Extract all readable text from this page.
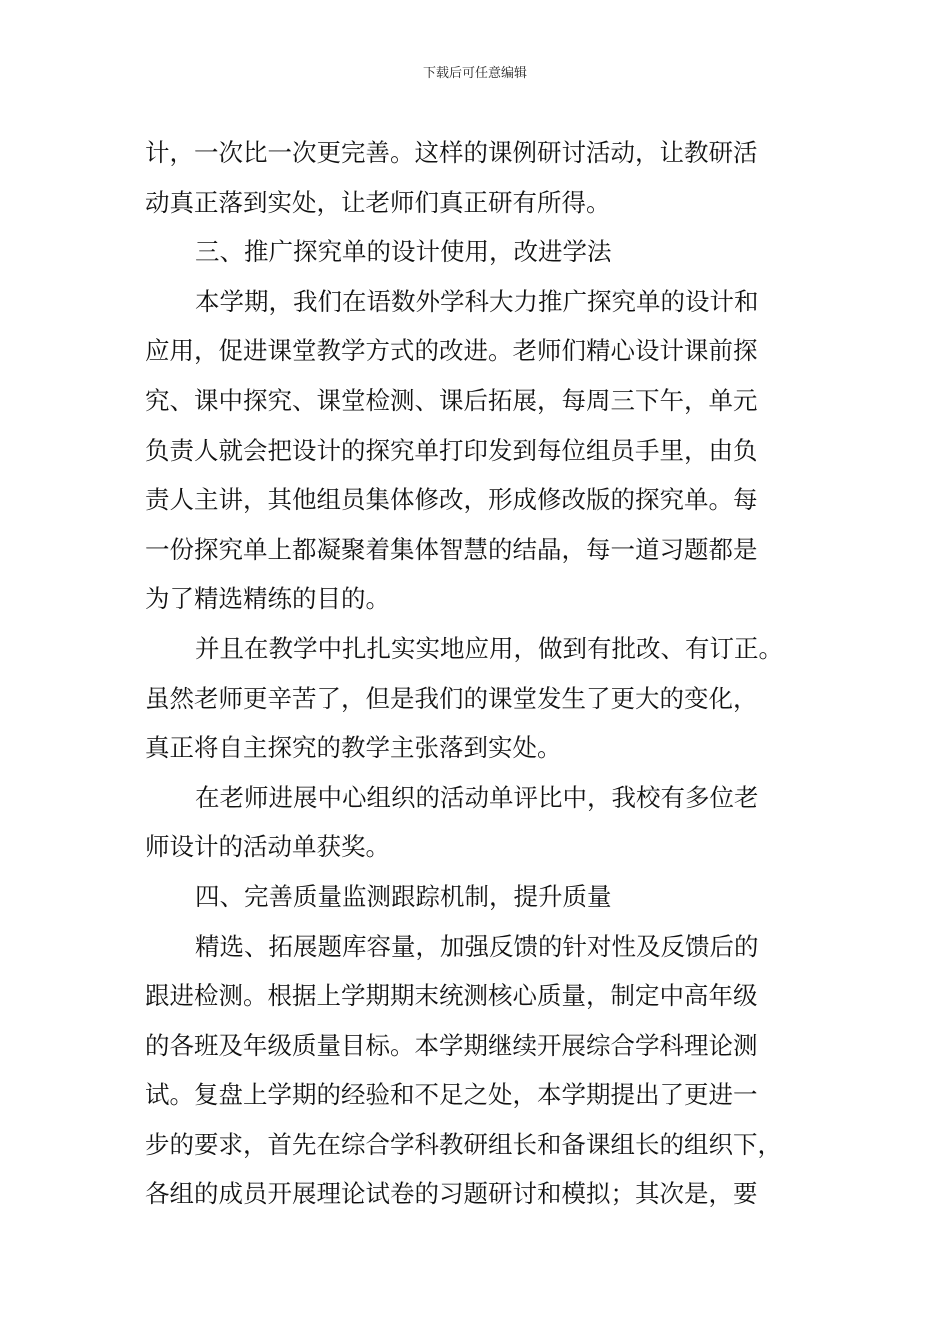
下载后可任意编辑
计，一次比一次更完善。这样的课例研讨活动，让教研活
动真正落到实处，让老师们真正研有所得。
三、推广探究单的设计使用，改进学法
本学期，我们在语数外学科大力推广探究单的设计和
应用，促进课堂教学方式的改进。老师们精心设计课前探
究、课中探究、课堂检测、课后拓展，每周三下午，单元
负责人就会把设计的探究单打印发到每位组员手里，由负
责人主讲，其他组员集体修改，形成修改版的探究单。每
一份探究单上都凝聚着集体智慧的结晶，每一道习题都是
为了精选精练的目的。
并且在教学中扎扎实实地应用，做到有批改、有订正。
虽然老师更辛苦了，但是我们的课堂发生了更大的变化，
真正将自主探究的教学主张落到实处。
在老师进展中心组织的活动单评比中，我校有多位老
师设计的活动单获奖。
四、完善质量监测跟踪机制，提升质量
精选、拓展题库容量，加强反馈的针对性及反馈后的
跟进检测。根据上学期期末统测核心质量，制定中高年级
的各班及年级质量目标。本学期继续开展综合学科理论测
试。复盘上学期的经验和不足之处，本学期提出了更进一
步的要求，首先在综合学科教研组长和备课组长的组织下，
各组的成员开展理论试卷的习题研讨和模拟；其次是，要
